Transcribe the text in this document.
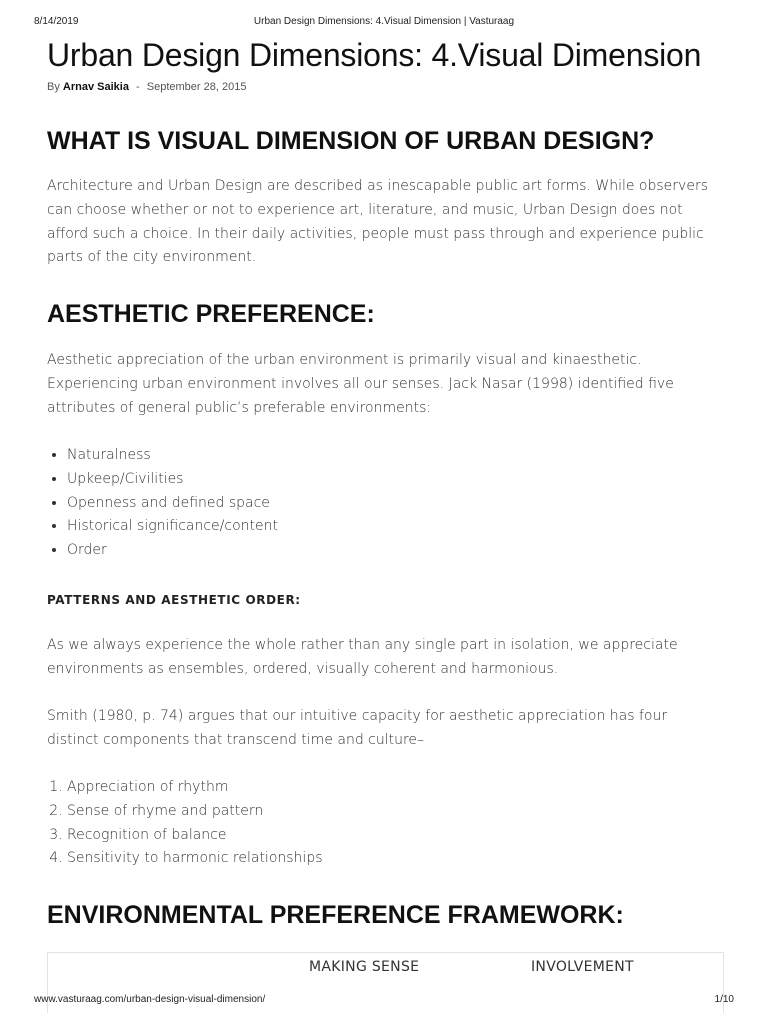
8/14/2019	Urban Design Dimensions: 4.Visual Dimension | Vasturaag
Urban Design Dimensions: 4.Visual Dimension
By Arnav Saikia - September 28, 2015
WHAT IS VISUAL DIMENSION OF URBAN DESIGN?

Architecture and Urban Design are described as inescapable public art forms. While observers can choose whether or not to experience art, literature, and music, Urban Design does not afford such a choice. In their daily activities, people must pass through and experience public parts of the city environment.

AESTHETIC PREFERENCE:

Aesthetic appreciation of the urban environment is primarily visual and kinaesthetic. Experiencing urban environment involves all our senses. Jack Nasar (1998) identified five attributes of general public’s preferable environments:

• Naturalness
• Upkeep/Civilities
• Openness and defined space
• Historical significance/content
• Order
PATTERNS AND AESTHETIC ORDER:

As we always experience the whole rather than any single part in isolation, we appreciate environments as ensembles, ordered, visually coherent and harmonious.

Smith (1980, p. 74) argues that our intuitive capacity for aesthetic appreciation has four distinct components that transcend time and culture–

1. Appreciation of rhythm
2. Sense of rhyme and pattern
3. Recognition of balance
4. Sensitivity to harmonic relationships
ENVIRONMENTAL PREFERENCE FRAMEWORK:
MAKING SENSE	INVOLVEMENT
www.vasturaag.com/urban-design-visual-dimension/	1/10
